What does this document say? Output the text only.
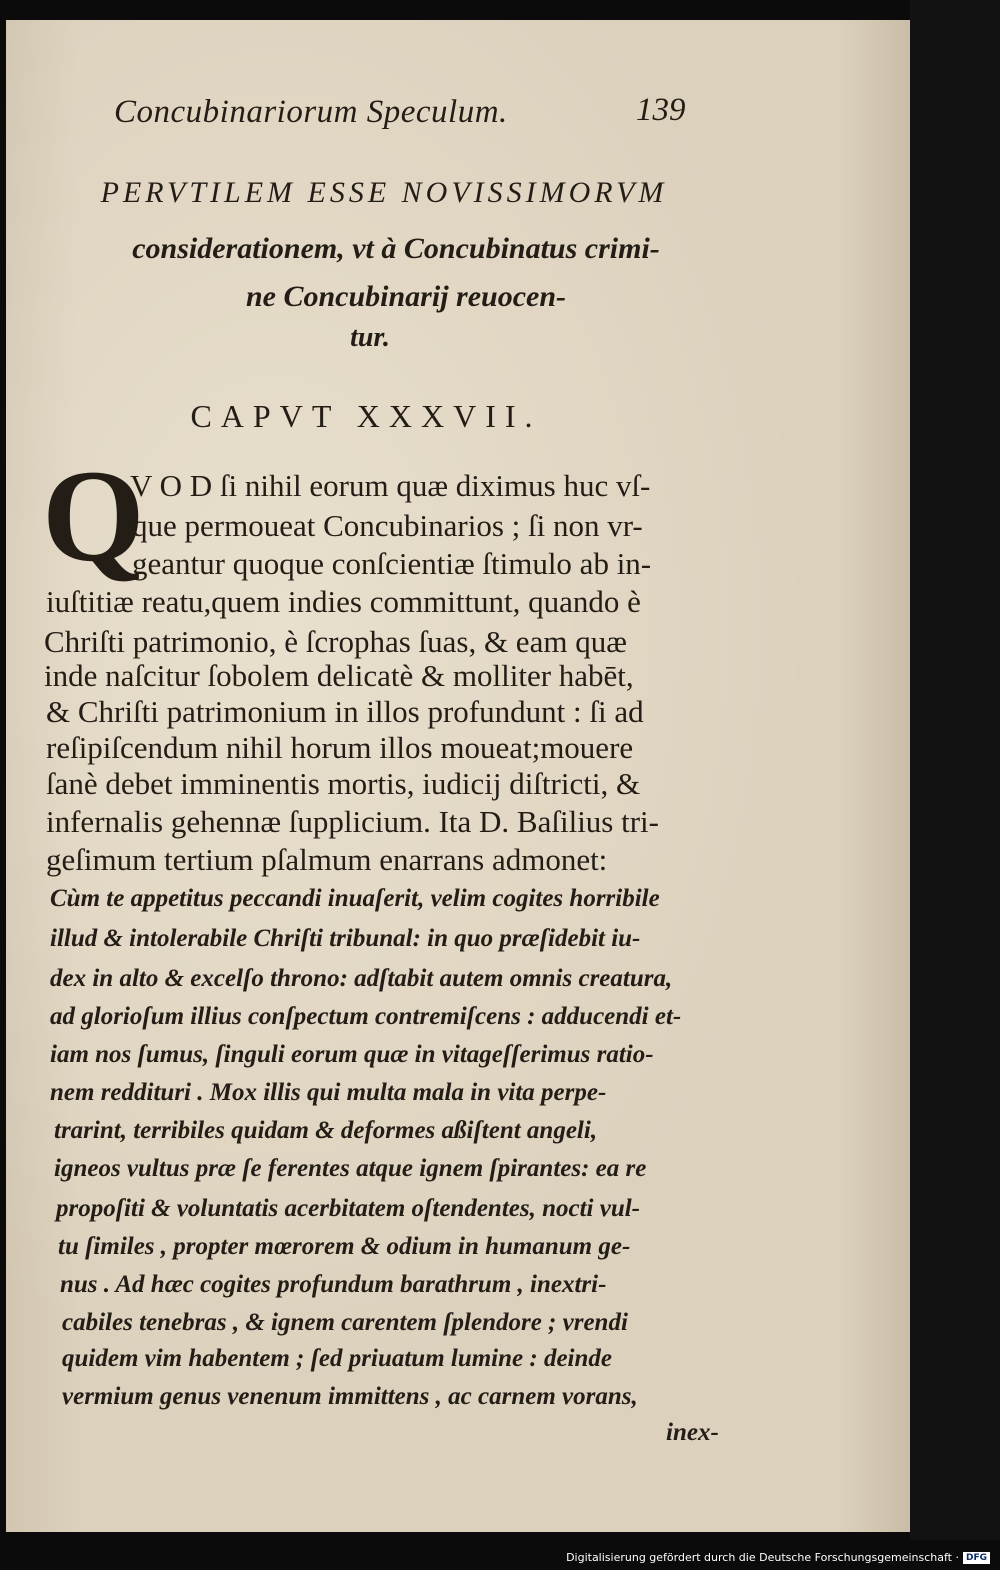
Concubinariorum Speculum.	139
PERVTILEM ESSE NOVISSIMORVM
considerationem, vt à Concubinatus crimi-
ne Concubinarij reuocen-
tur.
CAPVT XXXVII.
Q
V O D ſi nihil eorum quæ diximus huc vſ-
que permoueat Concubinarios ; ſi non vr-
geantur quoque conſcientiæ ſtimulo ab in-
iuſtitiæ reatu,quem indies committunt, quando è
Chriſti patrimonio, è ſcrophas ſuas, & eam quæ
inde naſcitur ſobolem delicatè & molliter habēt,
& Chriſti patrimonium in illos profundunt : ſi ad
reſipiſcendum nihil horum illos moueat;mouere
ſanè debet imminentis mortis, iudicij diſtricti, &
infernalis gehennæ ſupplicium. Ita D. Baſilius tri-
geſimum tertium pſalmum enarrans admonet:
Cùm te appetitus peccandi inuaſerit, velim cogites horribile
illud & intolerabile Chriſti tribunal: in quo præſidebit iu-
dex in alto & excelſo throno: adſtabit autem omnis creatura,
ad glorioſum illius conſpectum contremiſcens : adducendi et-
iam nos ſumus, ſinguli eorum quæ in vitageſſerimus ratio-
nem reddituri . Mox illis qui multa mala in vita perpe-
trarint, terribiles quidam & deformes aßiſtent angeli,
igneos vultus præ ſe ferentes atque ignem ſpirantes: ea re
propoſiti & voluntatis acerbitatem oſtendentes, nocti vul-
tu ſimiles , propter mœrorem & odium in humanum ge-
nus . Ad hæc cogites profundum barathrum , inextri-
cabiles tenebras , & ignem carentem ſplendore ; vrendi
quidem vim habentem ; ſed priuatum lumine : deinde
vermium genus venenum immittens , ac carnem vorans,
inex-
Digitalisierung gefördert durch die Deutsche Forschungsgemeinschaft · DFG
